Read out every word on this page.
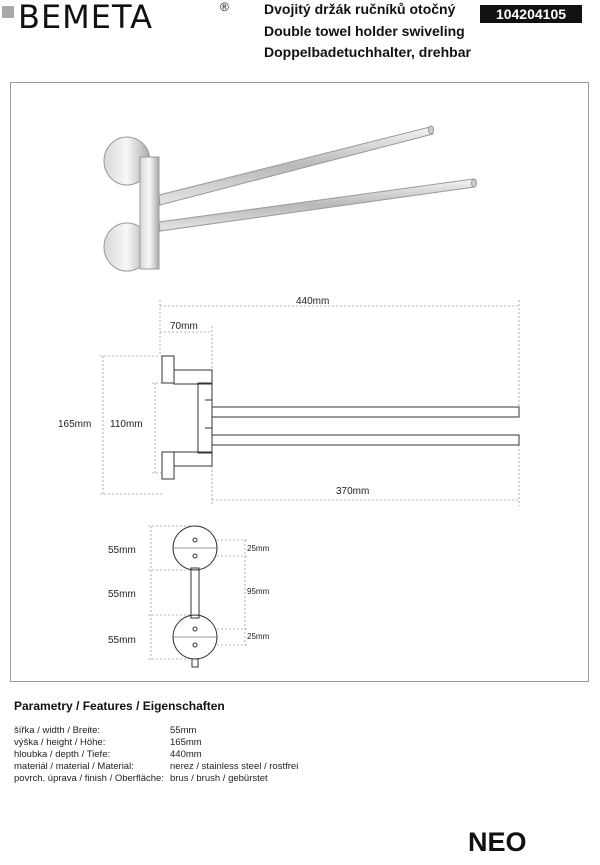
BEMETA	®	Dvojitý držák ručníků otočný
Double towel holder swiveling
Doppelbadetuchhalter, drehbar
104204105
440mm
70mm
165mm 110mm
370mm
55mm
55mm
55mm
25mm
95mm
25mm
Parametry / Features / Eigenschaften
šířka / width / Breite:	55mm
výška / height / Höhe:	165mm
hloubka / depth / Tiefe:	440mm
materiál / material / Material:	nerez / stainless steel / rostfrei
povrch. úprava / finish / Oberfläche: brus / brush / gebürstet
NEO
